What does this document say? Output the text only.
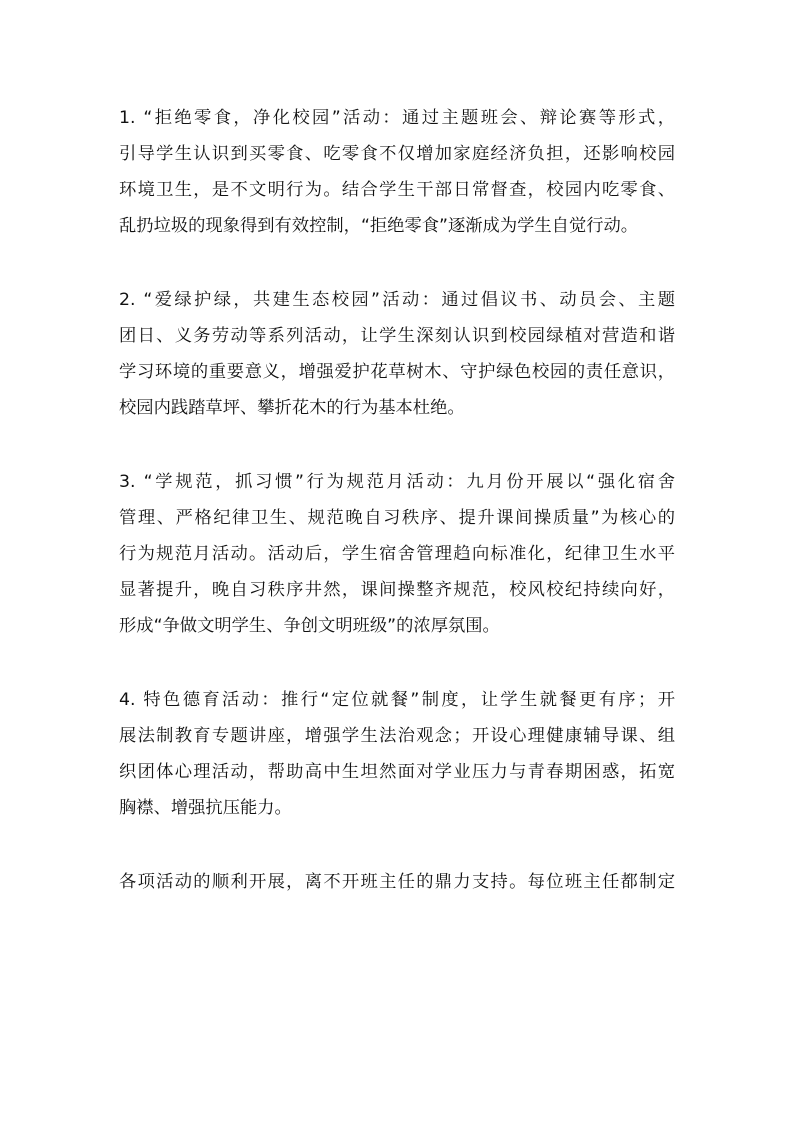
1. “拒绝零食，净化校园”活动：通过主题班会、辩论赛等形式，
引导学生认识到买零食、吃零食不仅增加家庭经济负担，还影响校园
环境卫生，是不文明行为。结合学生干部日常督查，校园内吃零食、
乱扔垃圾的现象得到有效控制，“拒绝零食”逐渐成为学生自觉行动。

2. “爱绿护绿，共建生态校园”活动：通过倡议书、动员会、主题
团日、义务劳动等系列活动，让学生深刻认识到校园绿植对营造和谐
学习环境的重要意义，增强爱护花草树木、守护绿色校园的责任意识，
校园内践踏草坪、攀折花木的行为基本杜绝。

3. “学规范，抓习惯”行为规范月活动：九月份开展以“强化宿舍
管理、严格纪律卫生、规范晚自习秩序、提升课间操质量”为核心的
行为规范月活动。活动后，学生宿舍管理趋向标准化，纪律卫生水平
显著提升，晚自习秩序井然，课间操整齐规范，校风校纪持续向好，
形成“争做文明学生、争创文明班级”的浓厚氛围。

4. 特色德育活动：推行“定位就餐”制度，让学生就餐更有序；开
展法制教育专题讲座，增强学生法治观念；开设心理健康辅导课、组
织团体心理活动，帮助高中生坦然面对学业压力与青春期困惑，拓宽
胸襟、增强抗压能力。

各项活动的顺利开展，离不开班主任的鼎力支持。每位班主任都制定
